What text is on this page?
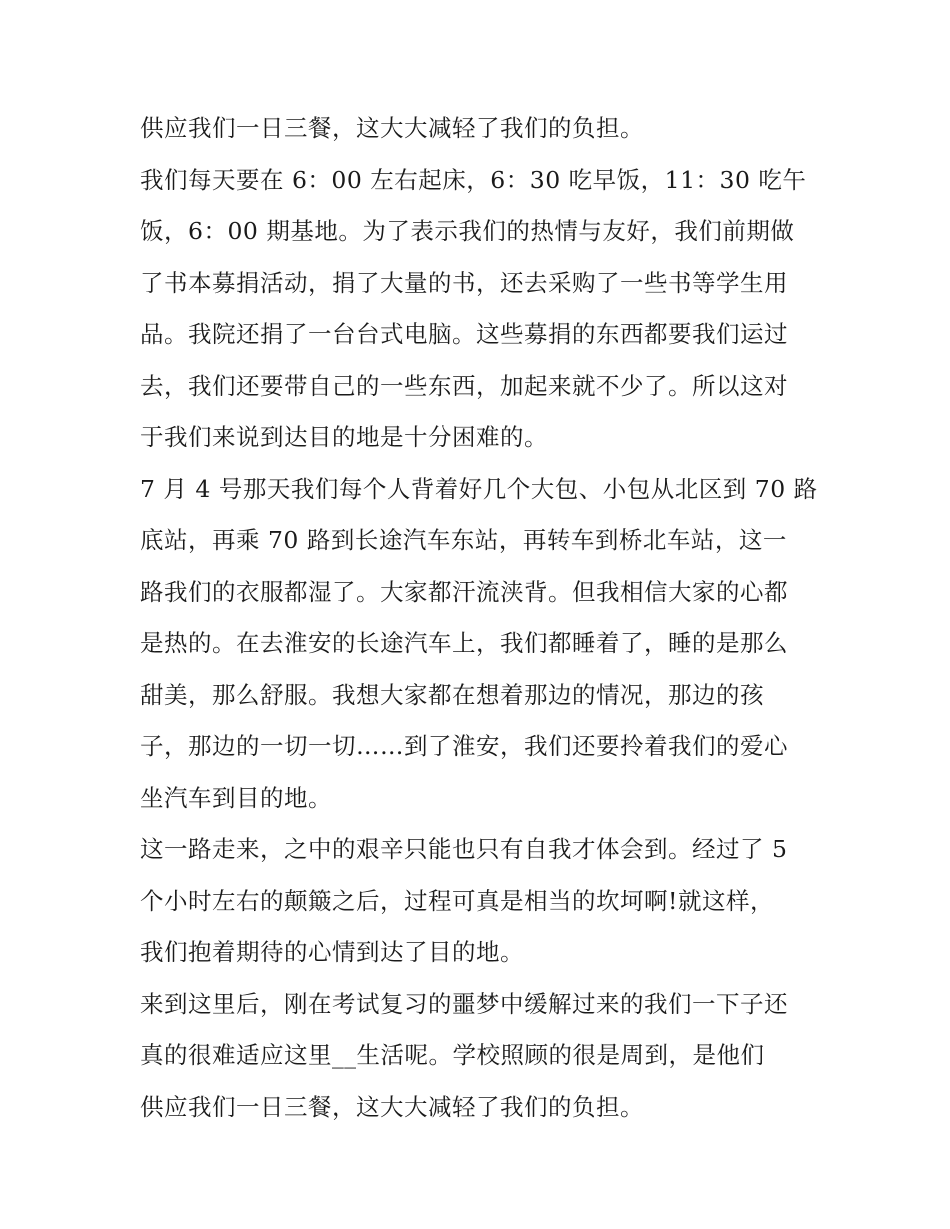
供应我们一日三餐，这大大减轻了我们的负担。
我们每天要在 6：00 左右起床，6：30 吃早饭，11：30 吃午
饭，6：00 期基地。为了表示我们的热情与友好，我们前期做
了书本募捐活动，捐了大量的书，还去采购了一些书等学生用
品。我院还捐了一台台式电脑。这些募捐的东西都要我们运过
去，我们还要带自己的一些东西，加起来就不少了。所以这对
于我们来说到达目的地是十分困难的。
7 月 4 号那天我们每个人背着好几个大包、小包从北区到 70 路
底站，再乘 70 路到长途汽车东站，再转车到桥北车站，这一
路我们的衣服都湿了。大家都汗流浃背。但我相信大家的心都
是热的。在去淮安的长途汽车上，我们都睡着了，睡的是那么
甜美，那么舒服。我想大家都在想着那边的情况，那边的孩
子，那边的一切一切……到了淮安，我们还要拎着我们的爱心
坐汽车到目的地。
这一路走来，之中的艰辛只能也只有自我才体会到。经过了 5
个小时左右的颠簸之后，过程可真是相当的坎坷啊!就这样，
我们抱着期待的心情到达了目的地。
来到这里后，刚在考试复习的噩梦中缓解过来的我们一下子还
真的很难适应这里__生活呢。学校照顾的很是周到，是他们
供应我们一日三餐，这大大减轻了我们的负担。
